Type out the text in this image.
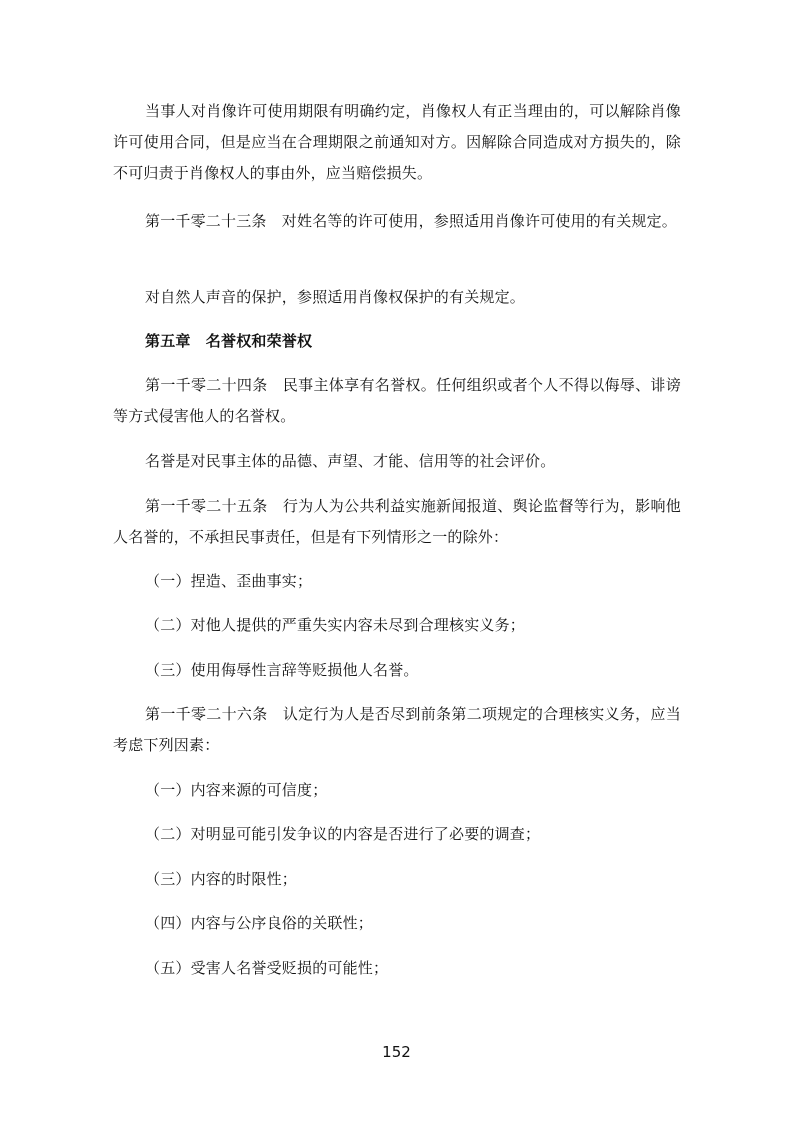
当事人对肖像许可使用期限有明确约定，肖像权人有正当理由的，可以解除肖像许可使用合同，但是应当在合理期限之前通知对方。因解除合同造成对方损失的，除不可归责于肖像权人的事由外，应当赔偿损失。

第一千零二十三条　对姓名等的许可使用，参照适用肖像许可使用的有关规定。

对自然人声音的保护，参照适用肖像权保护的有关规定。

第五章　名誉权和荣誉权

第一千零二十四条　民事主体享有名誉权。任何组织或者个人不得以侮辱、诽谤等方式侵害他人的名誉权。

名誉是对民事主体的品德、声望、才能、信用等的社会评价。

第一千零二十五条　行为人为公共利益实施新闻报道、舆论监督等行为，影响他人名誉的，不承担民事责任，但是有下列情形之一的除外：

（一）捏造、歪曲事实；

（二）对他人提供的严重失实内容未尽到合理核实义务；

（三）使用侮辱性言辞等贬损他人名誉。

第一千零二十六条　认定行为人是否尽到前条第二项规定的合理核实义务，应当考虑下列因素：

（一）内容来源的可信度；

（二）对明显可能引发争议的内容是否进行了必要的调查；

（三）内容的时限性；

（四）内容与公序良俗的关联性；

（五）受害人名誉受贬损的可能性；

152
